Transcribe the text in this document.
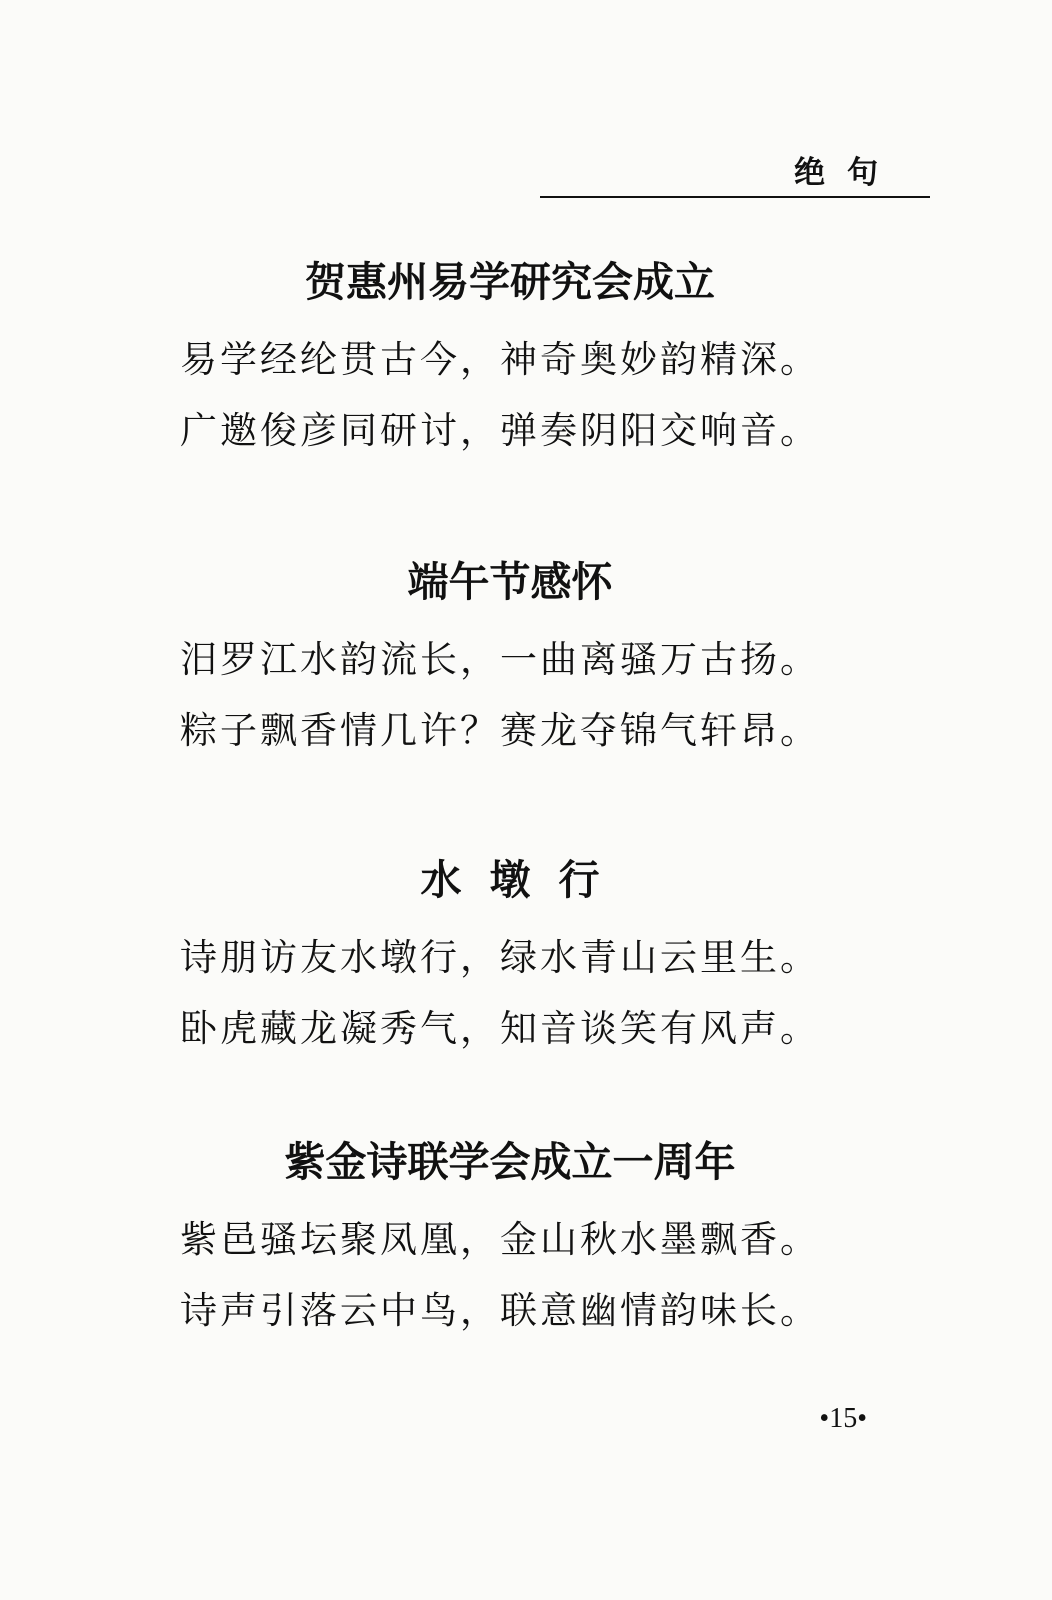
绝句
贺惠州易学研究会成立

易学经纶贯古今，神奇奥妙韵精深。

广邀俊彦同研讨，弹奏阴阳交响音。

端午节感怀

汨罗江水韵流长，一曲离骚万古扬。

粽子飘香情几许？赛龙夺锦气轩昂。

水墩行

诗朋访友水墩行，绿水青山云里生。

卧虎藏龙凝秀气，知音谈笑有风声。

紫金诗联学会成立一周年

紫邑骚坛聚凤凰，金山秋水墨飘香。

诗声引落云中鸟，联意幽情韵味长。

•15•
